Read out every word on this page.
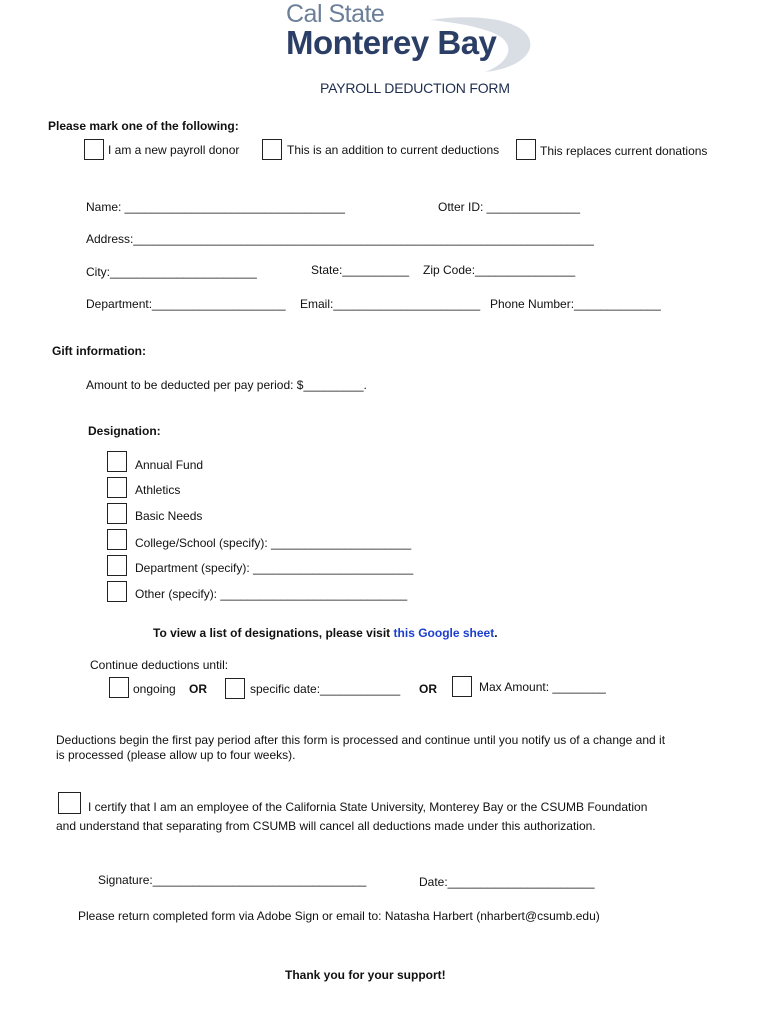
Cal State
Monterey Bay
PAYROLL DEDUCTION FORM
Please mark one of the following:
I am a new payroll donor	This is an addition to current deductions	This replaces current donations
Name: _________________________________	Otter ID: ______________
Address:_____________________________________________________________________
City:______________________	State:__________ Zip Code:_______________
Department:____________________ Email:______________________ Phone Number:_____________
Gift information:
Amount to be deducted per pay period: $_________.
Designation:
Annual Fund
Athletics
Basic Needs
College/School (specify): _____________________
Department (specify): ________________________
Other (specify): ____________________________
To view a list of designations, please visit this Google sheet.
Continue deductions until:
ongoing OR	specific date:____________ OR	Max Amount: ________
Deductions begin the first pay period after this form is processed and continue until you notify us of a change and it
is processed (please allow up to four weeks).
I certify that I am an employee of the California State University, Monterey Bay or the CSUMB Foundation
and understand that separating from CSUMB will cancel all deductions made under this authorization.
Signature:________________________________	Date:______________________
Please return completed form via Adobe Sign or email to: Natasha Harbert (nharbert@csumb.edu)
Thank you for your support!
